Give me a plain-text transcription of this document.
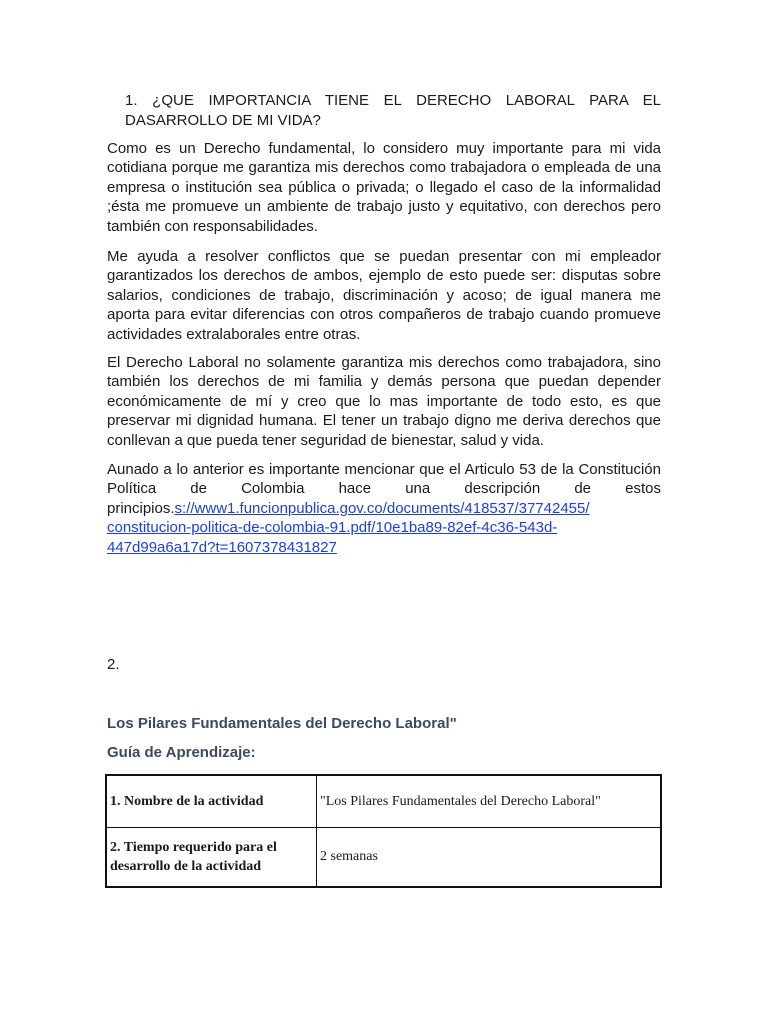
1. ¿QUE IMPORTANCIA TIENE EL DERECHO LABORAL PARA EL DASARROLLO DE MI VIDA?

Como es un Derecho fundamental, lo considero muy importante para mi vida cotidiana porque me garantiza mis derechos como trabajadora o empleada de una empresa o institución sea pública o privada; o llegado el caso de la informalidad ;ésta me promueve un ambiente de trabajo justo y equitativo, con derechos pero también con responsabilidades.

Me ayuda a resolver conflictos que se puedan presentar con mi empleador garantizados los derechos de ambos, ejemplo de esto puede ser: disputas sobre salarios, condiciones de trabajo, discriminación y acoso; de igual manera me aporta para evitar diferencias con otros compañeros de trabajo cuando promueve actividades extralaborales entre otras.

El Derecho Laboral no solamente garantiza mis derechos como trabajadora, sino también los derechos de mi familia y demás persona que puedan depender económicamente de mí y creo que lo mas importante de todo esto, es que preservar mi dignidad humana. El tener un trabajo digno me deriva derechos que conllevan a que pueda tener seguridad de bienestar, salud y vida.

Aunado a lo anterior es importante mencionar que el Articulo 53 de la Constitución Política de Colombia hace una descripción de estos principios.s://www1.funcionpublica.gov.co/documents/418537/37742455/ constitucion-politica-de-colombia-91.pdf/10e1ba89-82ef-4c36-543d-447d99a6a17d?t=1607378431827

2.
Los Pilares Fundamentales del Derecho Laboral"
Guía de Aprendizaje:
1. Nombre de la actividad	"Los Pilares Fundamentales del Derecho Laboral"
2. Tiempo requerido para el desarrollo de la actividad	2 semanas
